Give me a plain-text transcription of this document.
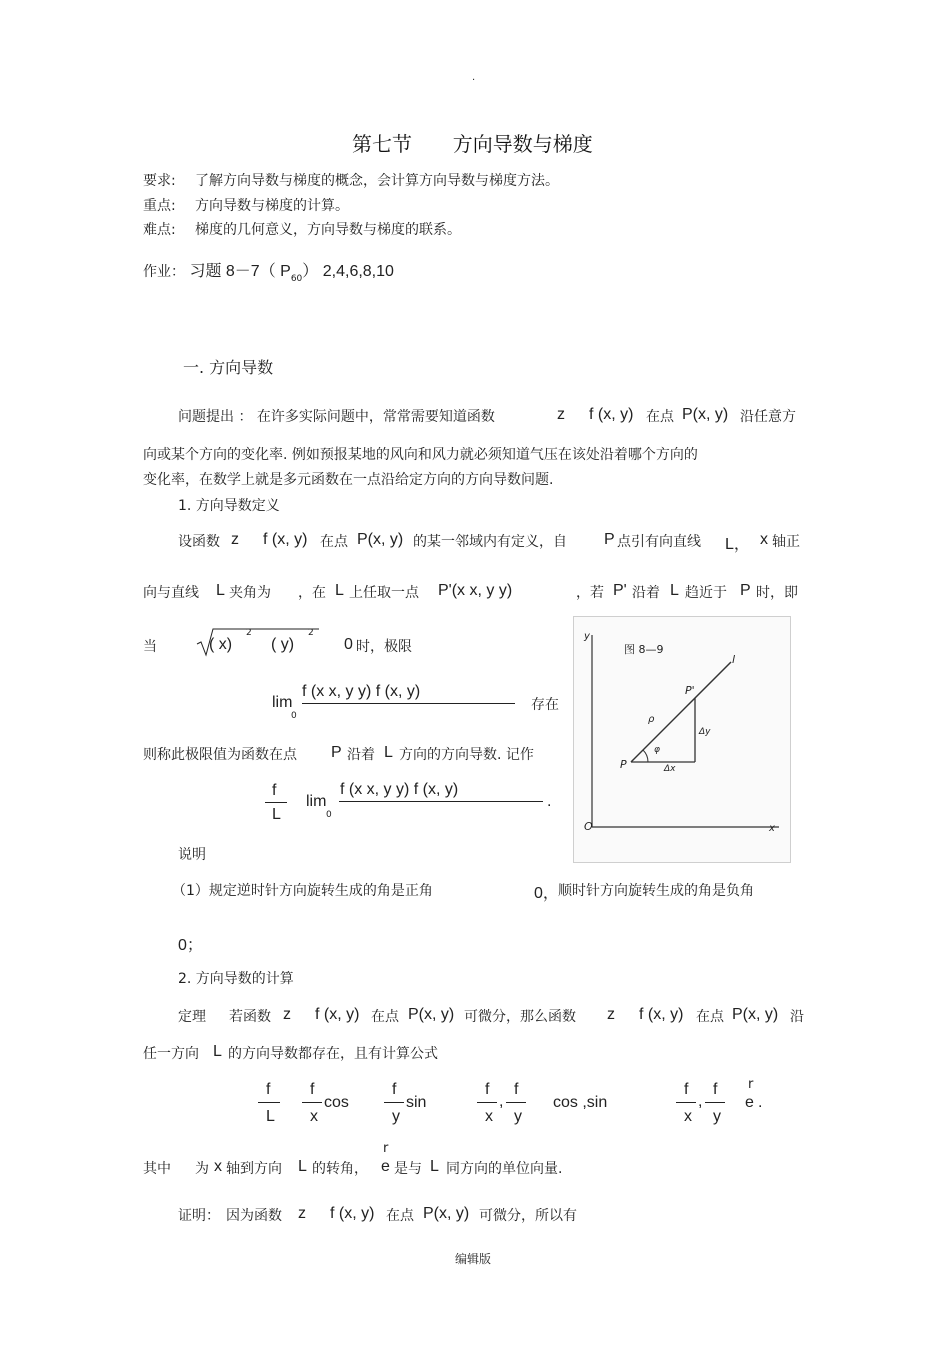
.
第七节 方向导数与梯度
要求: 了解方向导数与梯度的概念，会计算方向导数与梯度方法。
重点: 方向导数与梯度的计算。
难点: 梯度的几何意义，方向导数与梯度的联系。
作业： 习题 8－7（ $P_{60}$） 2,4,6,8,10
一. 方向导数
问题提出 ： 在许多实际问题中，常常需要知道函数	z f (x, y) 在点 P(x, y) 沿任意方
向或某个方向的变化率. 例如预报某地的风向和风力就必须知道气压在该处沿着哪个方向的
变化率，在数学上就是多元函数在一点沿给定方向的方向导数问题.
1. 方向导数定义
设函数 z f (x, y) 在点 P(x, y) 的某一邻域内有定义，自 P 点引有向直线 L， x 轴正
向与直线 L 夹角为 ，在 L 上任取一点 P'(x x, y y)	，若 P' 沿着 L 趋近于 P 时，即
当	( x)
2
( y)
2
0 时，极限
lim
0
f (x x, y y) f (x, y)
存在
则称此极限值为函数在点 P 沿着 L 方向的方向导数. 记作
f
L
lim
0
f (x x, y y) f (x, y)
.
图 8—9
y
x
O
P
P'
l
ρ
φ
Δx
Δy
说明
（1）规定逆时针方向旋转生成的角是正角	0， 顺时针方向旋转生成的角是负角
0；
2. 方向导数的计算
定理 若函数 z f (x, y) 在点 P(x, y) 可微分，那么函数 z f (x, y) 在点 P(x, y) 沿
任一方向 L 的方向导数都存在，且有计算公式
f
L
f
x
cos
f
y
sin
f
x
,
f
y
cos ,sin
f
x
,
f
y
r
e .
其中 为 x 轴到方向 L 的转角，
r
e 是与 L 同方向的单位向量.
证明： 因为函数 z f (x, y) 在点 P(x, y) 可微分，所以有
编辑版
